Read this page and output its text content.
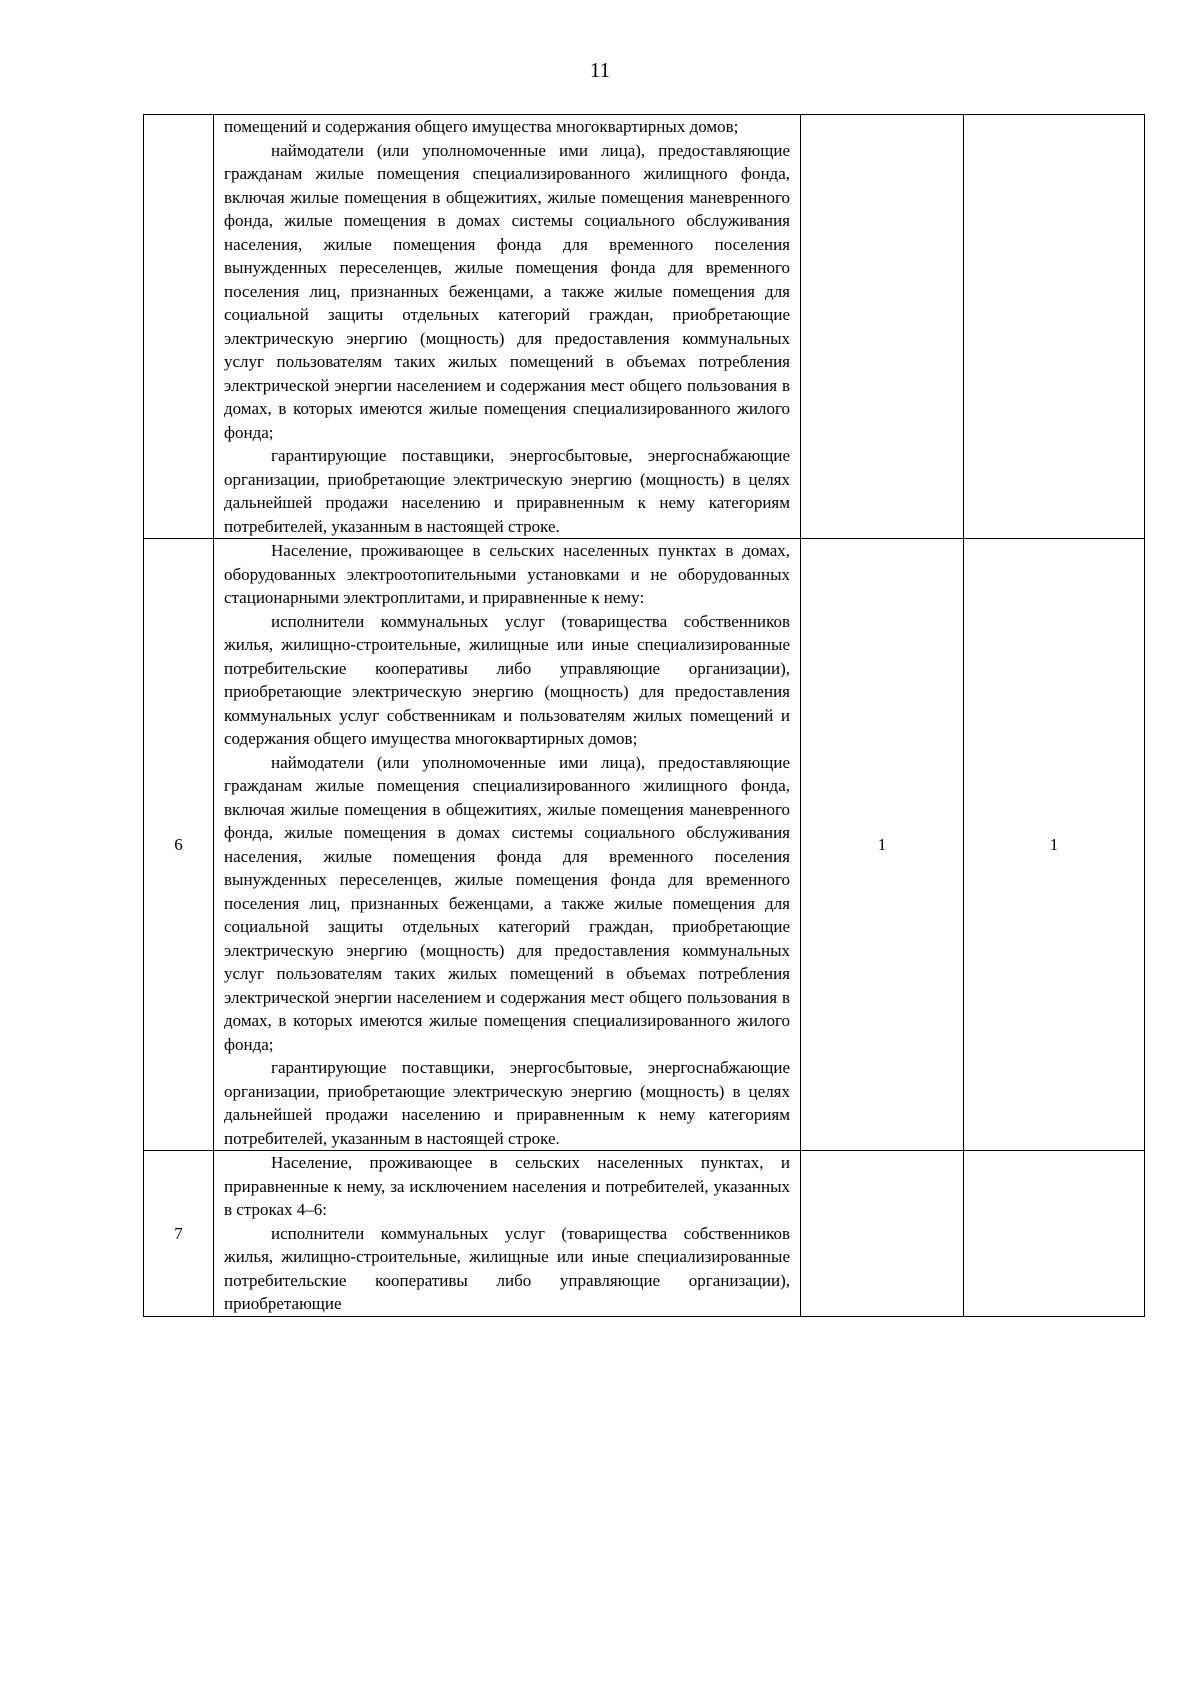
11

	помещений и содержания общего имущества многоквартирных домов;

наймодатели (или уполномоченные ими лица), предоставляющие гражданам жилые помещения специализированного жилищного фонда, включая жилые помещения в общежитиях, жилые помещения маневренного фонда, жилые помещения в домах системы социального обслуживания населения, жилые помещения фонда для временного поселения вынужденных переселенцев, жилые помещения фонда для временного поселения лиц, признанных беженцами, а также жилые помещения для социальной защиты отдельных категорий граждан, приобретающие электрическую энергию (мощность) для предоставления коммунальных услуг пользователям таких жилых помещений в объемах потребления электрической энергии населением и содержания мест общего пользования в домах, в которых имеются жилые помещения специализированного жилого фонда;

гарантирующие поставщики, энергосбытовые, энергоснабжающие организации, приобретающие электрическую энергию (мощность) в целях дальнейшей продажи населению и приравненным к нему категориям потребителей, указанным в настоящей строке.		

6	Население, проживающее в сельских населенных пунктах в домах, оборудованных электроотопительными установками и не оборудованных стационарными электроплитами, и приравненные к нему:

исполнители коммунальных услуг (товарищества собственников жилья, жилищно-строительные, жилищные или иные специализированные потребительские кооперативы либо управляющие организации), приобретающие электрическую энергию (мощность) для предоставления коммунальных услуг собственникам и пользователям жилых помещений и содержания общего имущества многоквартирных домов;

наймодатели (или уполномоченные ими лица), предоставляющие гражданам жилые помещения специализированного жилищного фонда, включая жилые помещения в общежитиях, жилые помещения маневренного фонда, жилые помещения в домах системы социального обслуживания населения, жилые помещения фонда для временного поселения вынужденных переселенцев, жилые помещения фонда для временного поселения лиц, признанных беженцами, а также жилые помещения для социальной защиты отдельных категорий граждан, приобретающие электрическую энергию (мощность) для предоставления коммунальных услуг пользователям таких жилых помещений в объемах потребления электрической энергии населением и содержания мест общего пользования в домах, в которых имеются жилые помещения специализированного жилого фонда;

гарантирующие поставщики, энергосбытовые, энергоснабжающие организации, приобретающие электрическую энергию (мощность) в целях дальнейшей продажи населению и приравненным к нему категориям потребителей, указанным в настоящей строке.	1	1
7	Население, проживающее в сельских населенных пунктах, и приравненные к нему, за исключением населения и потребителей, указанных в строках 4–6:

исполнители коммунальных услуг (товарищества собственников жилья, жилищно-строительные, жилищные или иные специализированные потребительские кооперативы либо управляющие организации), приобретающие		
